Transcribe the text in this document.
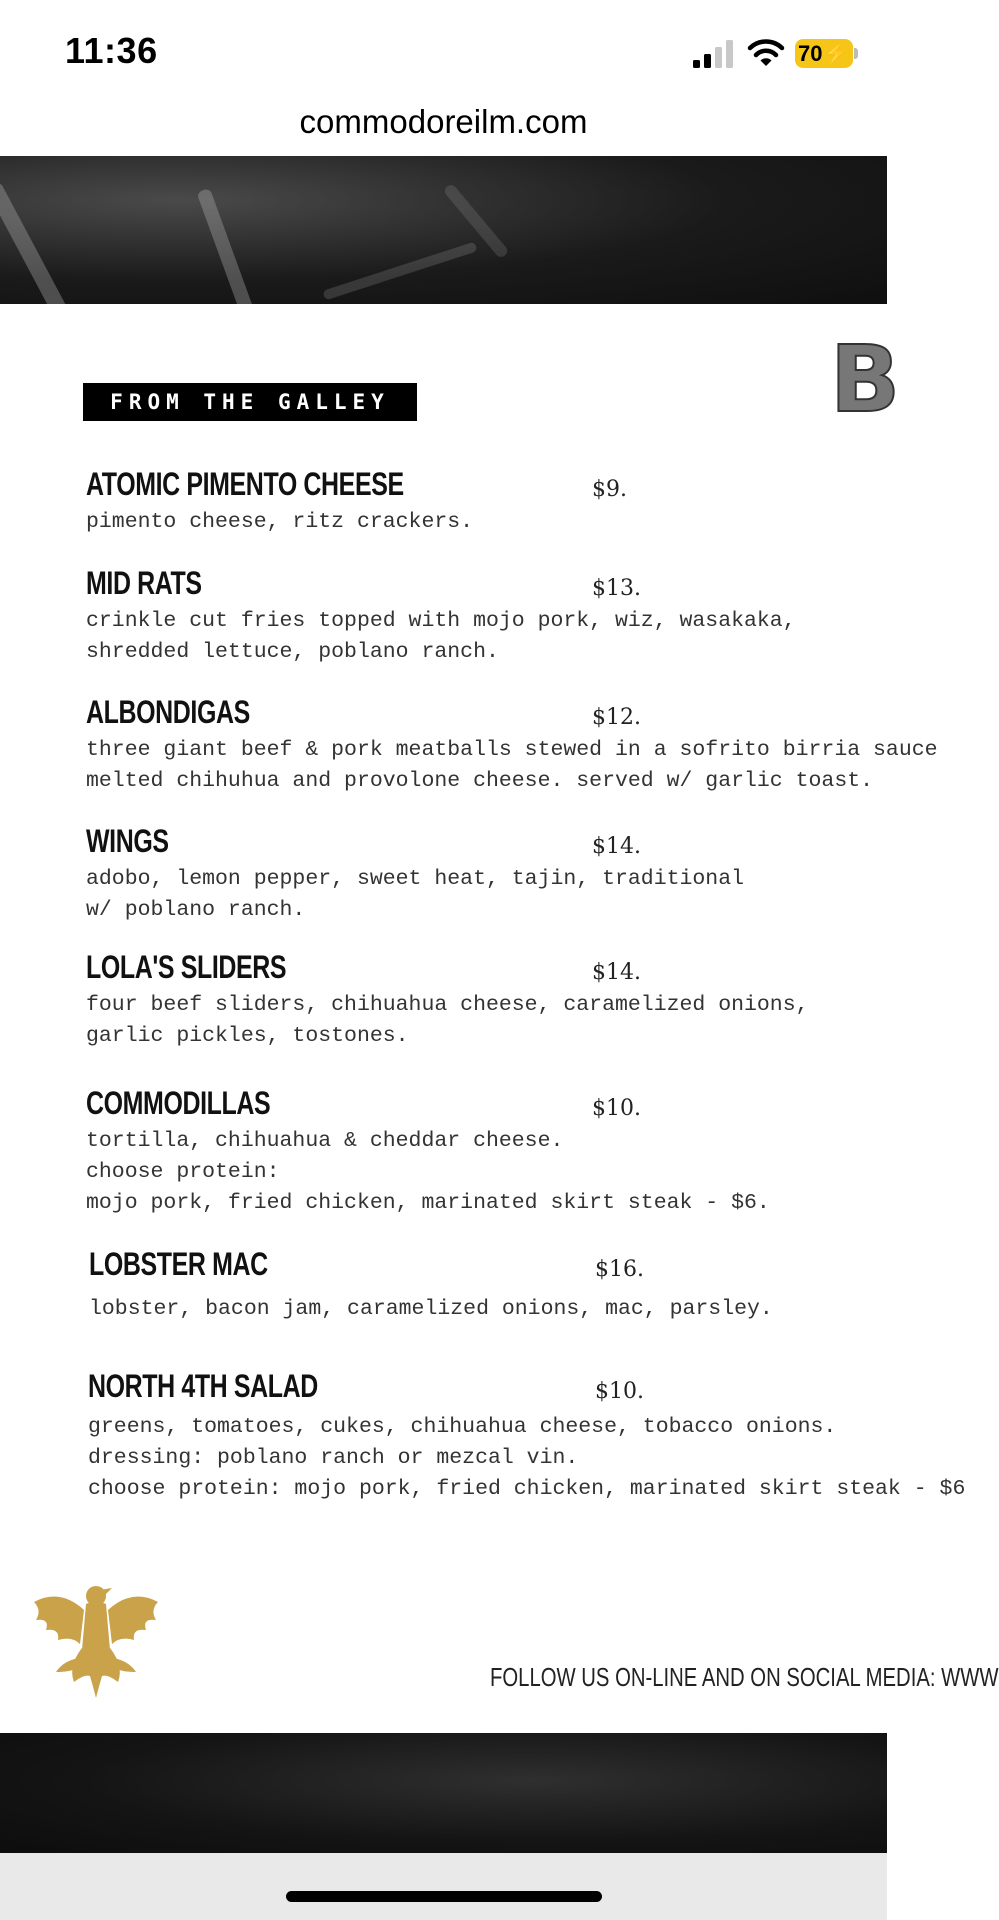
11:36	70 ⚡
commodoreilm.com
FROM THE GALLEY	B
ATOMIC PIMENTO CHEESE	$9.
pimento cheese, ritz crackers.
MID RATS	$13.
crinkle cut fries topped with mojo pork, wiz, wasakaka,
shredded lettuce, poblano ranch.
ALBONDIGAS	$12.
three giant beef & pork meatballs stewed in a sofrito birria sauce
melted chihuhua and provolone cheese. served w/ garlic toast.
WINGS	$14.
adobo, lemon pepper, sweet heat, tajin, traditional
w/ poblano ranch.
LOLA'S SLIDERS	$14.
four beef sliders, chihuahua cheese, caramelized onions,
garlic pickles, tostones.
COMMODILLAS	$10.
tortilla, chihuahua & cheddar cheese.
choose protein:
mojo pork, fried chicken, marinated skirt steak - $6.
LOBSTER MAC	$16.
lobster, bacon jam, caramelized onions, mac, parsley.
NORTH 4TH SALAD	$10.
greens, tomatoes, cukes, chihuahua cheese, tobacco onions.
dressing: poblano ranch or mezcal vin.
choose protein: mojo pork, fried chicken, marinated skirt steak - $6
FOLLOW US ON-LINE AND ON SOCIAL MEDIA: WWW
